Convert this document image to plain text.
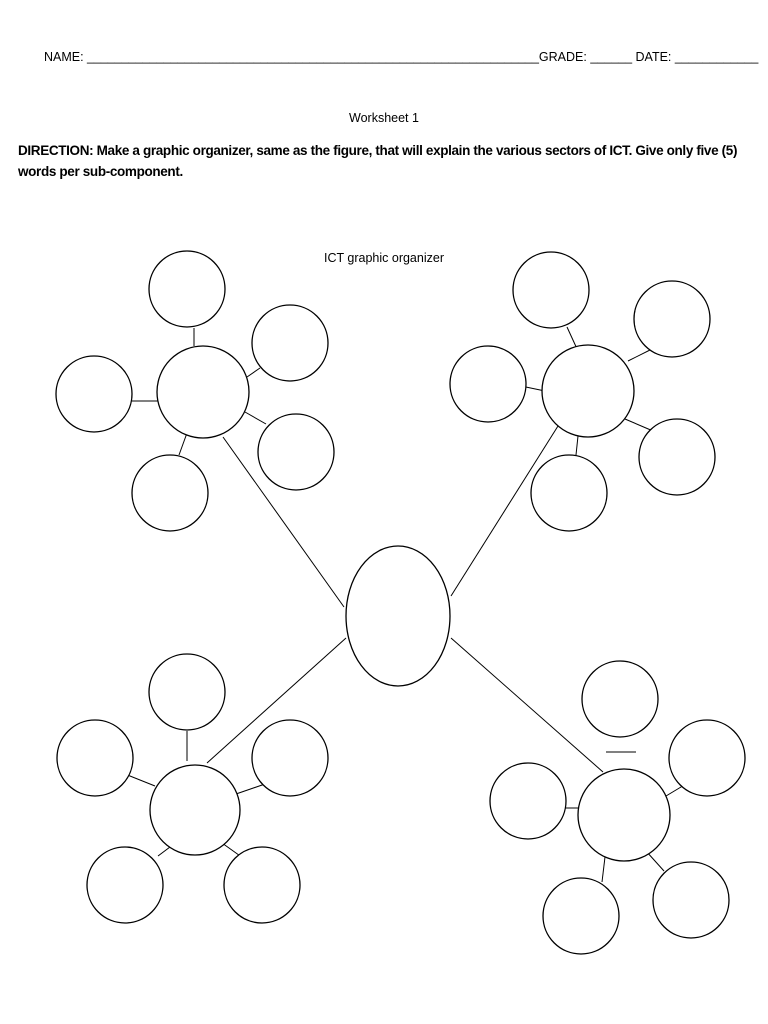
NAME: _________________________________________________________________GRADE: ______ DATE: ____________
Worksheet 1
DIRECTION: Make a graphic organizer, same as the figure, that will explain the various sectors of ICT. Give only five (5) words per sub-component.
ICT graphic organizer
